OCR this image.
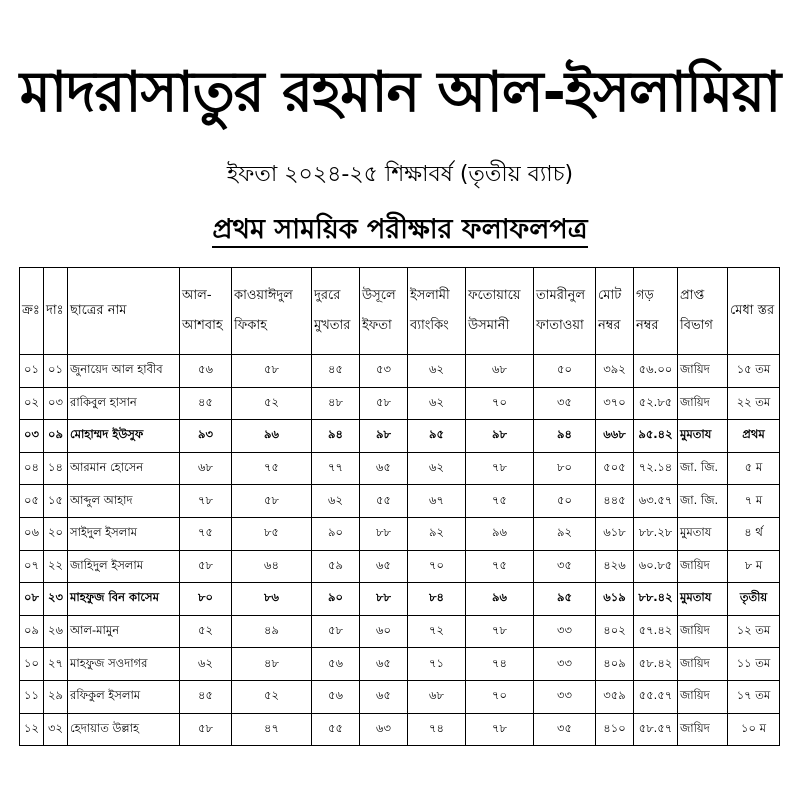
মাদরাসাতুর রহমান আল-ইসলামিয়া
ইফতা ২০২৪-২৫ শিক্ষাবর্ষ (তৃতীয় ব্যাচ)
প্রথম সাময়িক পরীক্ষার ফলাফলপত্র
ক্রঃ	দাঃ	ছাত্রের নাম	আল-আশবাহ	কাওয়াঈদুল ফিকাহ	দুররে মুখতার	উসূলে ইফতা	ইসলামী ব্যাংকিং	ফতোয়ায়ে উসমানী	তামরীনুল ফাতাওয়া	মোট নম্বর	গড় নম্বর	প্রাপ্ত বিভাগ	মেধা স্তর
০১	০১	জুনায়েদ আল হাবীব	৫৬	৫৮	৪৫	৫৩	৬২	৬৮	৫০	৩৯২	৫৬.০০	জায়িদ	১৫ তম
০২	০৩	রাকিবুল হাসান	৪৫	৫২	৪৮	৫৮	৬২	৭০	৩৫	৩৭০	৫২.৮৫	জায়িদ	২২ তম
০৩	০৯	মোহাম্মদ ইউসুফ	৯৩	৯৬	৯৪	৯৮	৯৫	৯৮	৯৪	৬৬৮	৯৫.৪২	মুমতায	প্রথম
০৪	১৪	আরমান হোসেন	৬৮	৭৫	৭৭	৬৫	৬২	৭৮	৮০	৫০৫	৭২.১৪	জা. জি.	৫ ম
০৫	১৫	আব্দুল আহাদ	৭৮	৫৮	৬২	৫৫	৬৭	৭৫	৫০	৪৪৫	৬৩.৫৭	জা. জি.	৭ ম
০৬	২০	সাইদুল ইসলাম	৭৫	৮৫	৯০	৮৮	৯২	৯৬	৯২	৬১৮	৮৮.২৮	মুমতায	৪ র্থ
০৭	২২	জাহিদুল ইসলাম	৫৮	৬৪	৫৯	৬৫	৭০	৭৫	৩৫	৪২৬	৬০.৮৫	জায়িদ	৮ ম
০৮	২৩	মাহফুজ বিন কাসেম	৮০	৮৬	৯০	৮৮	৮৪	৯৬	৯৫	৬১৯	৮৮.৪২	মুমতায	তৃতীয়
০৯	২৬	আল-মামুন	৫২	৪৯	৫৮	৬০	৭২	৭৮	৩৩	৪০২	৫৭.৪২	জায়িদ	১২ তম
১০	২৭	মাহফুজ সওদাগর	৬২	৪৮	৫৬	৬৫	৭১	৭৪	৩৩	৪০৯	৫৮.৪২	জায়িদ	১১ তম
১১	২৯	রফিকুল ইসলাম	৪৫	৫২	৫৬	৬৫	৬৮	৭০	৩৩	৩৫৯	৫৫.৫৭	জায়িদ	১৭ তম
১২	৩২	হেদায়াত উল্লাহ	৫৮	৪৭	৫৫	৬৩	৭৪	৭৮	৩৫	৪১০	৫৮.৫৭	জায়িদ	১০ ম
